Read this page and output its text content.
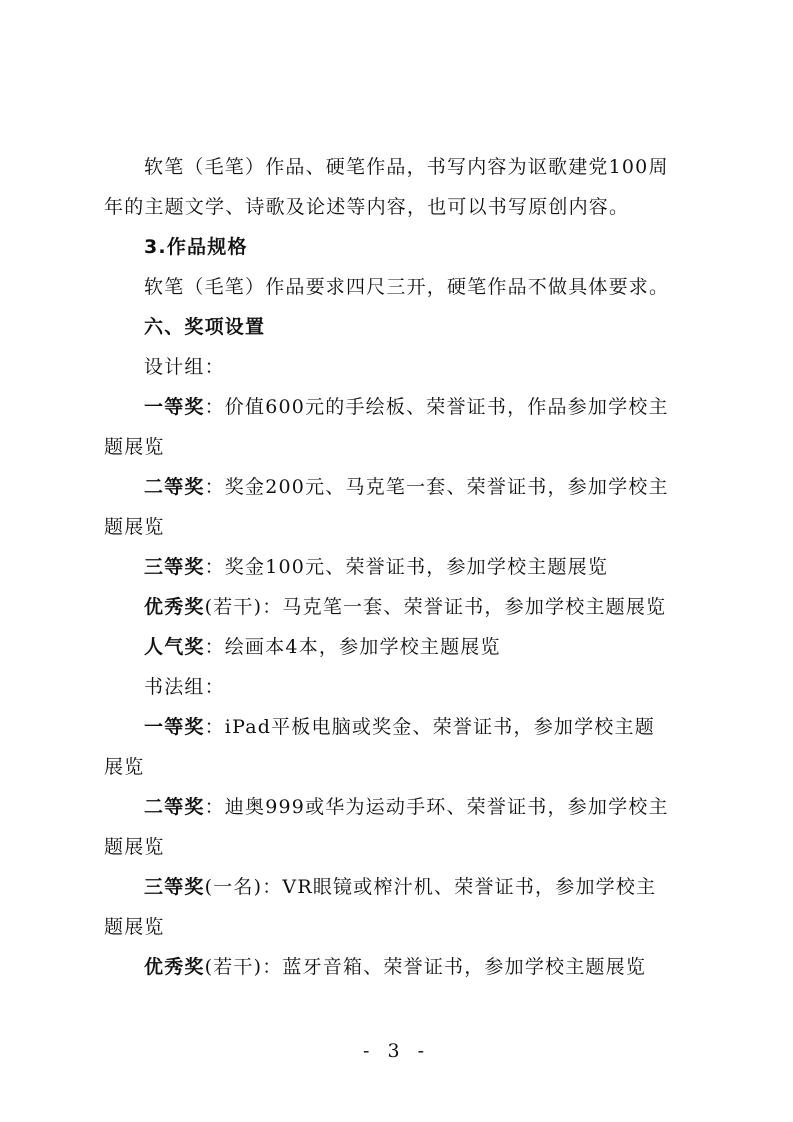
软笔（毛笔）作品、硬笔作品，书写内容为讴歌建党100周

年的主题文学、诗歌及论述等内容，也可以书写原创内容。

3.作品规格

软笔（毛笔）作品要求四尺三开，硬笔作品不做具体要求。

六、奖项设置

设计组：

一等奖：价值600元的手绘板、荣誉证书，作品参加学校主

题展览

二等奖：奖金200元、马克笔一套、荣誉证书，参加学校主

题展览

三等奖：奖金100元、荣誉证书，参加学校主题展览

优秀奖(若干)：马克笔一套、荣誉证书，参加学校主题展览

人气奖：绘画本4本，参加学校主题展览

书法组：

一等奖：iPad平板电脑或奖金、荣誉证书，参加学校主题

展览

二等奖：迪奥999或华为运动手环、荣誉证书，参加学校主

题展览

三等奖(一名)：VR眼镜或榨汁机、荣誉证书，参加学校主

题展览

优秀奖(若干)：蓝牙音箱、荣誉证书，参加学校主题展览

- 3 -
